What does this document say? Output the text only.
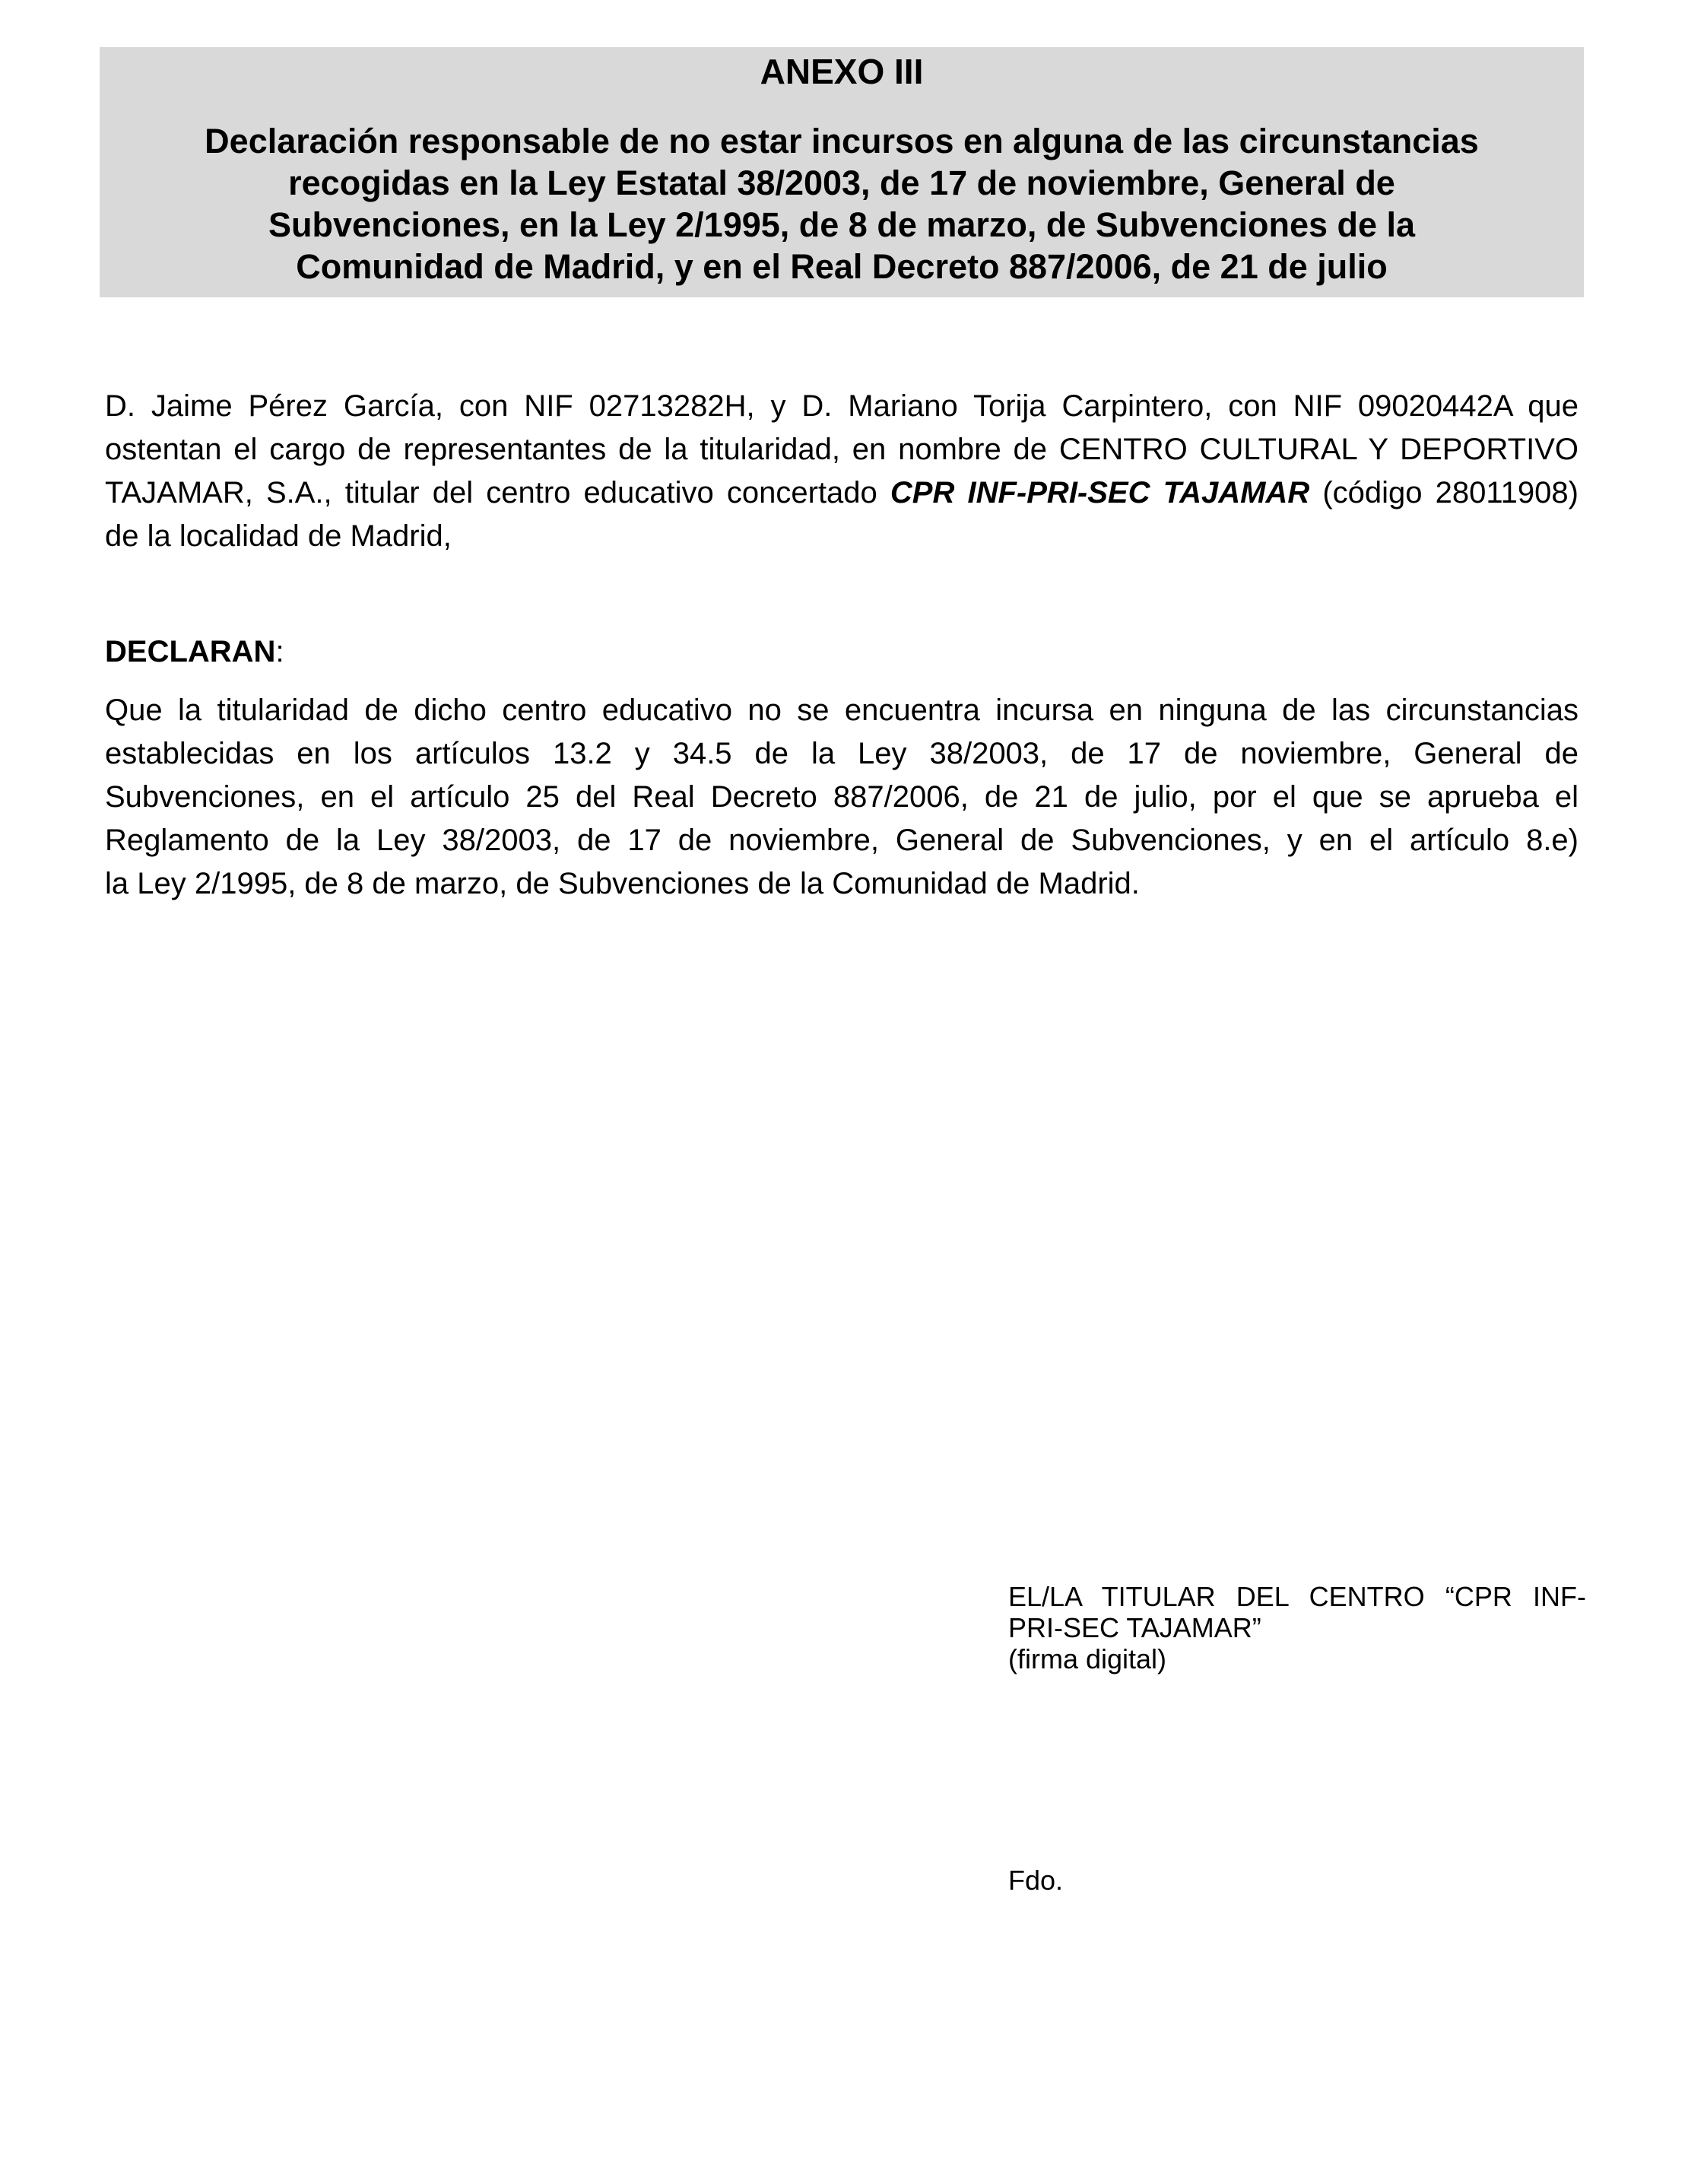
ANEXO III
Declaración responsable de no estar incursos en alguna de las circunstancias
recogidas en la Ley Estatal 38/2003, de 17 de noviembre, General de
Subvenciones, en la Ley 2/1995, de 8 de marzo, de Subvenciones de la
Comunidad de Madrid, y en el Real Decreto 887/2006, de 21 de julio
D. Jaime Pérez García, con NIF 02713282H, y D. Mariano Torija Carpintero, con NIF 09020442A que
ostentan el cargo de representantes de la titularidad, en nombre de CENTRO CULTURAL Y DEPORTIVO
TAJAMAR, S.A., titular del centro educativo concertado CPR INF-PRI-SEC TAJAMAR (código 28011908)
de la localidad de Madrid,
DECLARAN:
Que la titularidad de dicho centro educativo no se encuentra incursa en ninguna de las circunstancias
establecidas en los artículos 13.2 y 34.5 de la Ley 38/2003, de 17 de noviembre, General de
Subvenciones, en el artículo 25 del Real Decreto 887/2006, de 21 de julio, por el que se aprueba el
Reglamento de la Ley 38/2003, de 17 de noviembre, General de Subvenciones, y en el artículo 8.e)
la Ley 2/1995, de 8 de marzo, de Subvenciones de la Comunidad de Madrid.
EL/LA TITULAR DEL CENTRO “CPR INF-
PRI-SEC TAJAMAR”
(firma digital)
Fdo.
